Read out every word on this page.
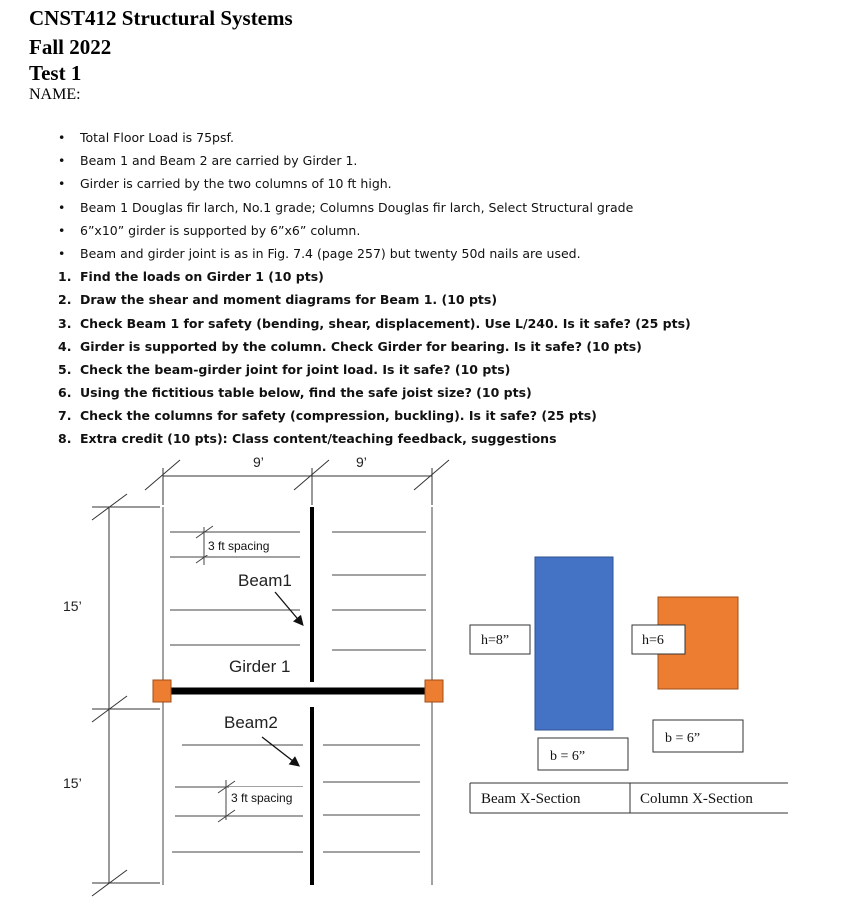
CNST412 Structural Systems
Fall 2022
Test 1
NAME:
• Total Floor Load is 75psf.
• Beam 1 and Beam 2 are carried by Girder 1.
• Girder is carried by the two columns of 10 ft high.
• Beam 1 Douglas fir larch, No.1 grade; Columns Douglas fir larch, Select Structural grade
• 6”x10” girder is supported by 6”x6” column.
• Beam and girder joint is as in Fig. 7.4 (page 257) but twenty 50d nails are used.
1. Find the loads on Girder 1 (10 pts)
2. Draw the shear and moment diagrams for Beam 1. (10 pts)
3. Check Beam 1 for safety (bending, shear, displacement). Use L/240. Is it safe? (25 pts)
4. Girder is supported by the column. Check Girder for bearing. Is it safe? (10 pts)
5. Check the beam-girder joint for joint load. Is it safe? (10 pts)
6. Using the fictitious table below, find the safe joist size? (10 pts)
7. Check the columns for safety (compression, buckling). Is it safe? (25 pts)
8. Extra credit (10 pts): Class content/teaching feedback, suggestions
9’	9’
15’
15’
3 ft spacing
3 ft spacing
Beam1
Girder 1
Beam2
h=8”
b = 6”
h=6
b = 6”
Beam X-Section	Column X-Section
